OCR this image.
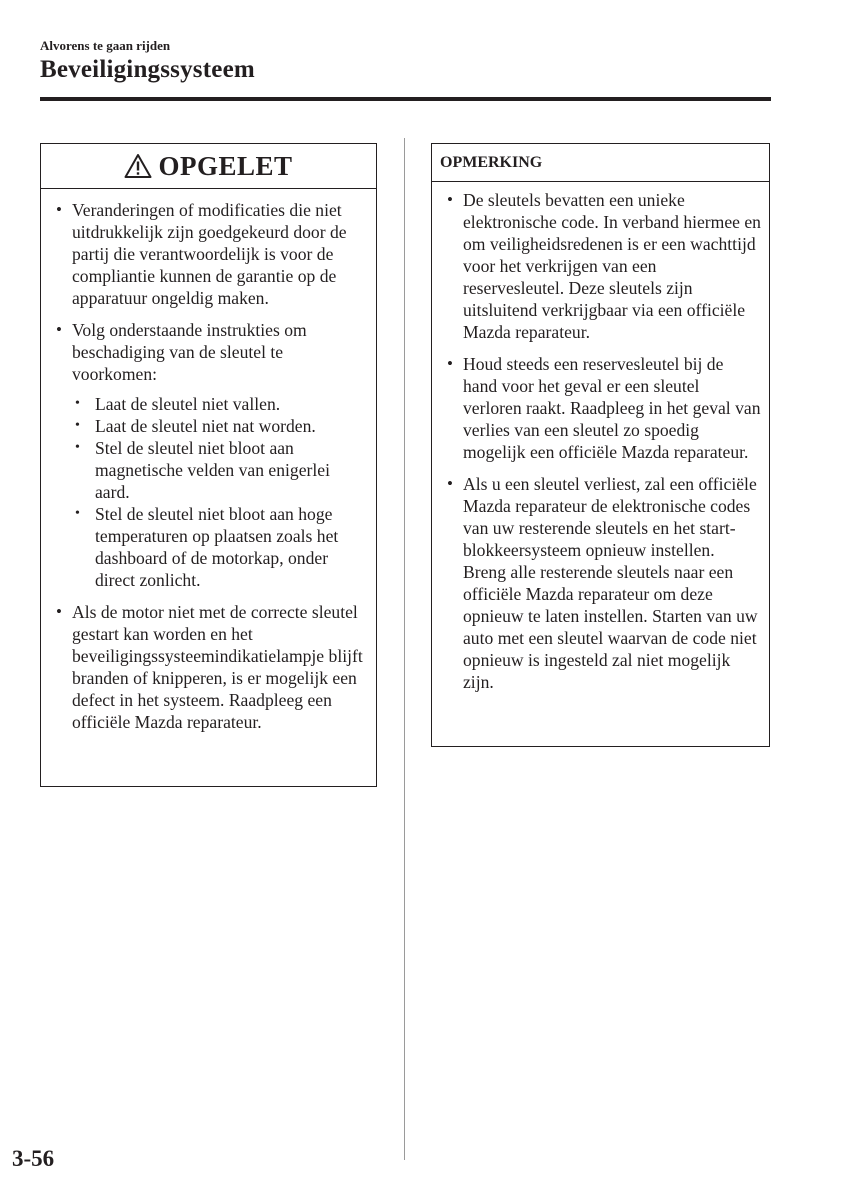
Alvorens te gaan rijden
Beveiligingssysteem
OPGELET
• Veranderingen of modificaties die niet uitdrukkelijk zijn goedgekeurd door de partij die verantwoordelijk is voor de compliantie kunnen de garantie op de apparatuur ongeldig maken.
• Volg onderstaande instrukties om beschadiging van de sleutel te voorkomen:
• Laat de sleutel niet vallen.
• Laat de sleutel niet nat worden.
• Stel de sleutel niet bloot aan magnetische velden van enigerlei aard.
• Stel de sleutel niet bloot aan hoge temperaturen op plaatsen zoals het dashboard of de motorkap, onder direct zonlicht.
• Als de motor niet met de correcte sleutel gestart kan worden en het beveiligingssysteemindikatielampje blijft branden of knipperen, is er mogelijk een defect in het systeem. Raadpleeg een officiële Mazda reparateur.
OPMERKING
• De sleutels bevatten een unieke elektronische code. In verband hiermee en om veiligheidsredenen is er een wachttijd voor het verkrijgen van een reservesleutel. Deze sleutels zijn uitsluitend verkrijgbaar via een officiële Mazda reparateur.
• Houd steeds een reservesleutel bij de hand voor het geval er een sleutel verloren raakt. Raadpleeg in het geval van verlies van een sleutel zo spoedig mogelijk een officiële Mazda reparateur.
• Als u een sleutel verliest, zal een officiële Mazda reparateur de elektronische codes van uw resterende sleutels en het start-blokkeersysteem opnieuw instellen. Breng alle resterende sleutels naar een officiële Mazda reparateur om deze opnieuw te laten instellen. Starten van uw auto met een sleutel waarvan de code niet opnieuw is ingesteld zal niet mogelijk zijn.
3-56
